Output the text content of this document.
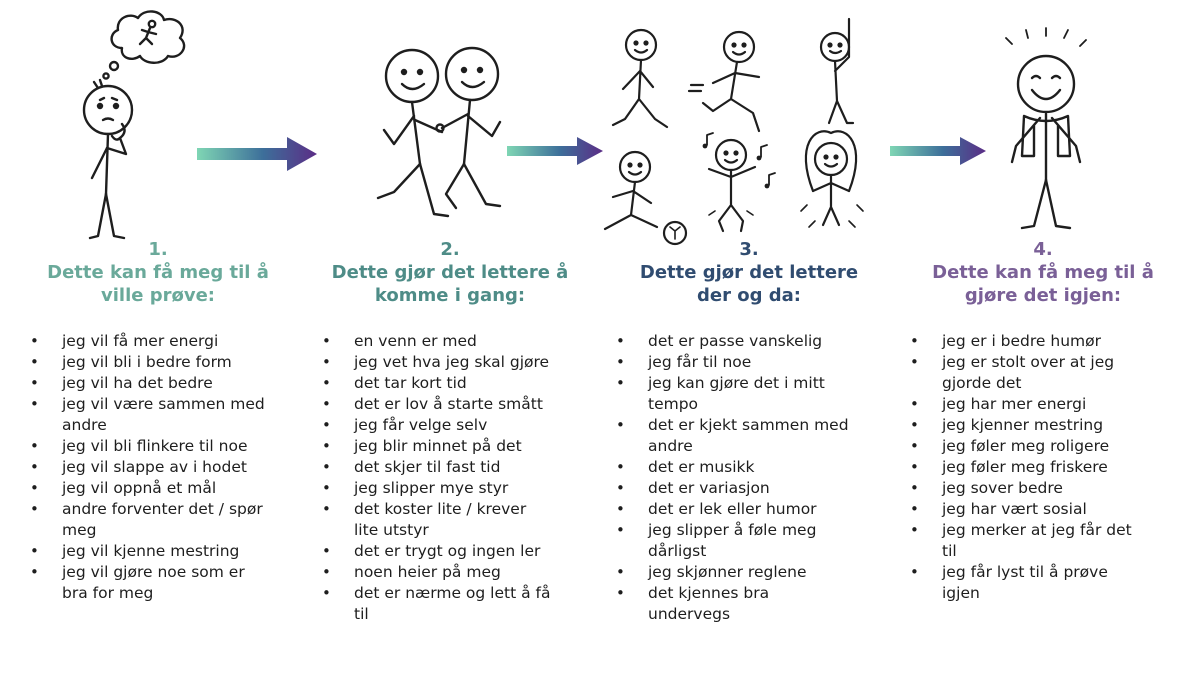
1.
Dette kan få meg til å
ville prøve:
• jeg vil få mer energi
• jeg vil bli i bedre form
• jeg vil ha det bedre
• jeg vil være sammen med
andre
• jeg vil bli flinkere til noe
• jeg vil slappe av i hodet
• jeg vil oppnå et mål
• andre forventer det / spør
meg
• jeg vil kjenne mestring
• jeg vil gjøre noe som er
bra for meg
2.
Dette gjør det lettere å
komme i gang:
• en venn er med
• jeg vet hva jeg skal gjøre
• det tar kort tid
• det er lov å starte smått
• jeg får velge selv
• jeg blir minnet på det
• det skjer til fast tid
• jeg slipper mye styr
• det koster lite / krever
lite utstyr
• det er trygt og ingen ler
• noen heier på meg
• det er nærme og lett å få
til
3.
Dette gjør det lettere
der og da:
• det er passe vanskelig
• jeg får til noe
• jeg kan gjøre det i mitt
tempo
• det er kjekt sammen med
andre
• det er musikk
• det er variasjon
• det er lek eller humor
• jeg slipper å føle meg
dårligst
• jeg skjønner reglene
• det kjennes bra
undervegs
4.
Dette kan få meg til å
gjøre det igjen:
• jeg er i bedre humør
• jeg er stolt over at jeg
gjorde det
• jeg har mer energi
• jeg kjenner mestring
• jeg føler meg roligere
• jeg føler meg friskere
• jeg sover bedre
• jeg har vært sosial
• jeg merker at jeg får det
til
• jeg får lyst til å prøve
igjen
